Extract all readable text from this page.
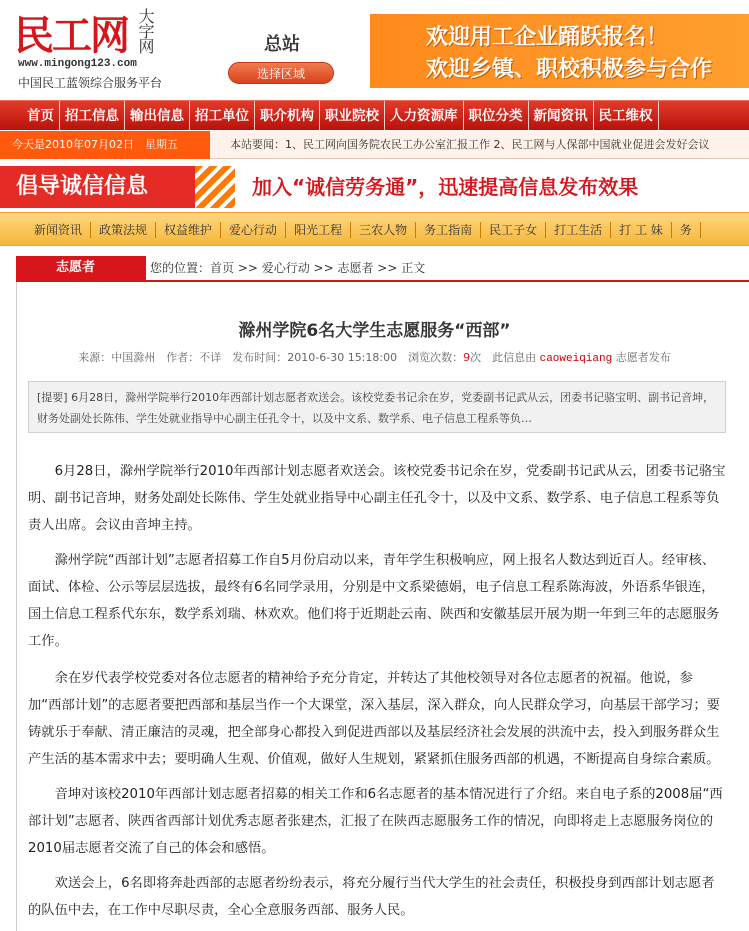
民工网 大字网
www.mingong123.com
中国民工蓝领综合服务平台
总站
选择区域
欢迎用工企业踊跃报名！
欢迎乡镇、职校积极参与合作
首页 招工信息 输出信息 招工单位 职介机构 职业院校 人力资源库 职位分类 新闻资讯 民工维权
今天是2010年07月02日　星期五	本站要闻：1、民工网向国务院农民工办公室汇报工作 2、民工网与人保部中国就业促进会发好会议
倡导诚信信息	加入“诚信劳务通”，迅速提高信息发布效果
新闻资讯	政策法规	权益维护	爱心行动	阳光工程	三农人物	务工指南	民工子女	打工生活	打 工 妹	务
志愿者	您的位置：首页 >> 爱心行动 >> 志愿者 >> 正文
滁州学院6名大学生志愿服务“西部”
来源：中国滁州　作者：不详　发布时间：2010-6-30 15:18:00　浏览次数：9次　此信息由 caoweiqiang 志愿者发布
[提要] 6月28日，滁州学院举行2010年西部计划志愿者欢送会。该校党委书记余在岁，党委副书记武从云，团委书记骆宝明、副书记音坤，财务处副处长陈伟、学生处就业指导中心副主任孔令十，以及中文系、数学系、电子信息工程系等负…

6月28日，滁州学院举行2010年西部计划志愿者欢送会。该校党委书记余在岁，党委副书记武从云，团委书记骆宝明、副书记音坤，财务处副处长陈伟、学生处就业指导中心副主任孔令十，以及中文系、数学系、电子信息工程系等负责人出席。会议由音坤主持。

滁州学院“西部计划”志愿者招募工作自5月份启动以来，青年学生积极响应，网上报名人数达到近百人。经审核、面试、体检、公示等层层选拔，最终有6名同学录用，分别是中文系梁德娟，电子信息工程系陈海波，外语系华银连，国土信息工程系代东东，数学系刘瑞、林欢欢。他们将于近期赴云南、陕西和安徽基层开展为期一年到三年的志愿服务工作。

余在岁代表学校党委对各位志愿者的精神给予充分肯定，并转达了其他校领导对各位志愿者的祝福。他说，参加“西部计划”的志愿者要把西部和基层当作一个大课堂，深入基层，深入群众，向人民群众学习，向基层干部学习；要铸就乐于奉献、清正廉洁的灵魂，把全部身心都投入到促进西部以及基层经济社会发展的洪流中去，投入到服务群众生产生活的基本需求中去；要明确人生观、价值观，做好人生规划，紧紧抓住服务西部的机遇，不断提高自身综合素质。

音坤对该校2010年西部计划志愿者招募的相关工作和6名志愿者的基本情况进行了介绍。来自电子系的2008届“西部计划”志愿者、陕西省西部计划优秀志愿者张建杰，汇报了在陕西志愿服务工作的情况，向即将走上志愿服务岗位的2010届志愿者交流了自己的体会和感悟。

欢送会上，6名即将奔赴西部的志愿者纷纷表示，将充分履行当代大学生的社会责任，积极投身到西部计划志愿者的队伍中去，在工作中尽职尽责，全心全意服务西部、服务人民。
